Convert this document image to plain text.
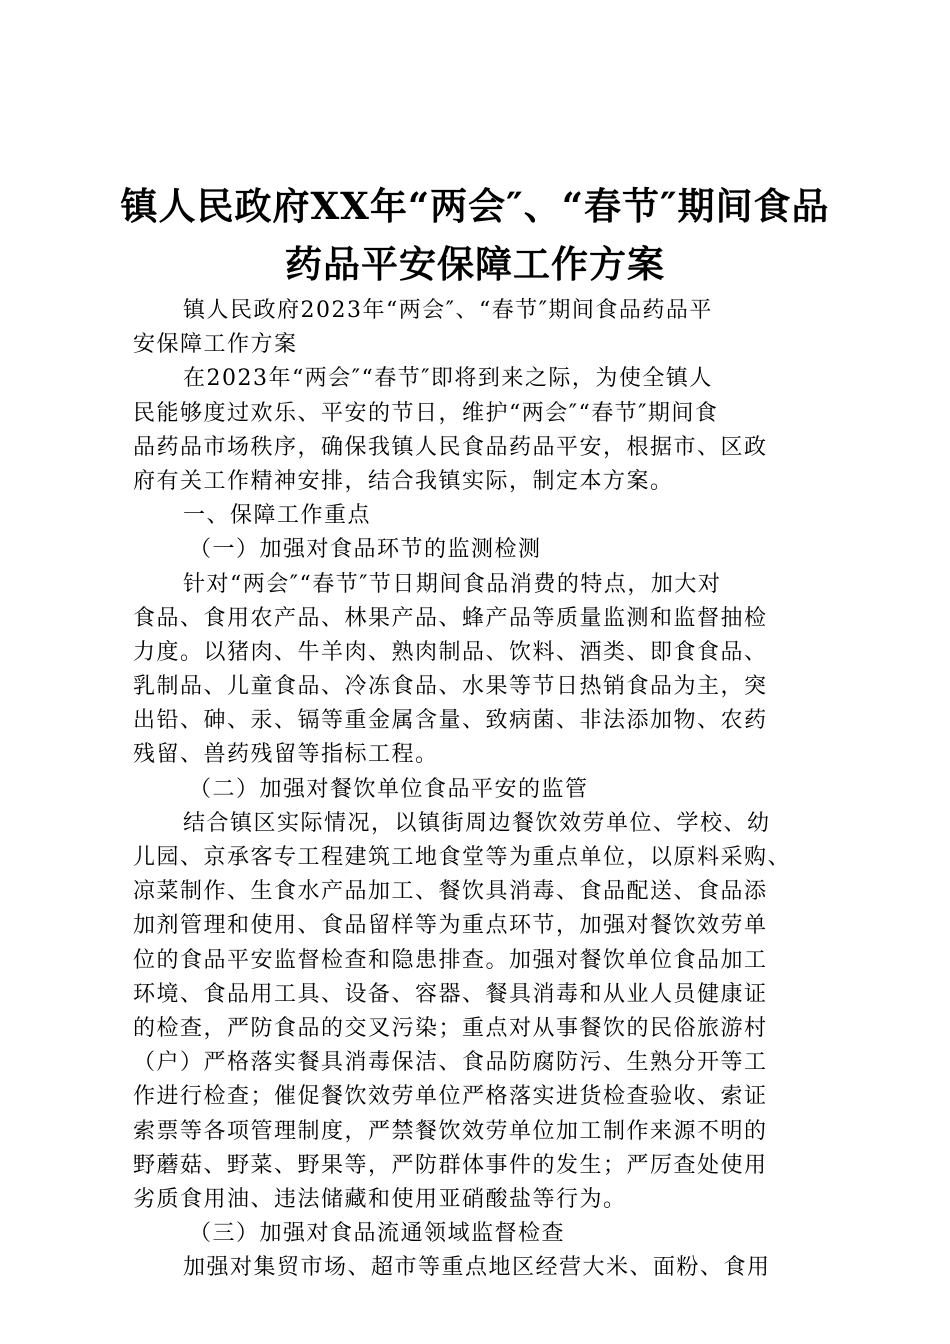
镇人民政府XX年“两会″、“春节″期间食品
药品平安保障工作方案
镇人民政府2023年“两会″、“春节″期间食品药品平
安保障工作方案
在2023年“两会″“春节″即将到来之际，为使全镇人
民能够度过欢乐、平安的节日，维护“两会″“春节″期间食
品药品市场秩序，确保我镇人民食品药品平安，根据市、区政
府有关工作精神安排，结合我镇实际，制定本方案。
一、保障工作重点
（一）加强对食品环节的监测检测
针对“两会″“春节″节日期间食品消费的特点，加大对
食品、食用农产品、林果产品、蜂产品等质量监测和监督抽检
力度。以猪肉、牛羊肉、熟肉制品、饮料、酒类、即食食品、
乳制品、儿童食品、冷冻食品、水果等节日热销食品为主，突
出铅、砷、汞、镉等重金属含量、致病菌、非法添加物、农药
残留、兽药残留等指标工程。
（二）加强对餐饮单位食品平安的监管
结合镇区实际情况，以镇街周边餐饮效劳单位、学校、幼
儿园、京承客专工程建筑工地食堂等为重点单位，以原料采购、
凉菜制作、生食水产品加工、餐饮具消毒、食品配送、食品添
加剂管理和使用、食品留样等为重点环节，加强对餐饮效劳单
位的食品平安监督检查和隐患排查。加强对餐饮单位食品加工
环境、食品用工具、设备、容器、餐具消毒和从业人员健康证
的检查，严防食品的交叉污染；重点对从事餐饮的民俗旅游村
（户）严格落实餐具消毒保洁、食品防腐防污、生熟分开等工
作进行检查；催促餐饮效劳单位严格落实进货检查验收、索证
索票等各项管理制度，严禁餐饮效劳单位加工制作来源不明的
野蘑菇、野菜、野果等，严防群体事件的发生；严厉查处使用
劣质食用油、违法储藏和使用亚硝酸盐等行为。
（三）加强对食品流通领域监督检查
加强对集贸市场、超市等重点地区经营大米、面粉、食用
